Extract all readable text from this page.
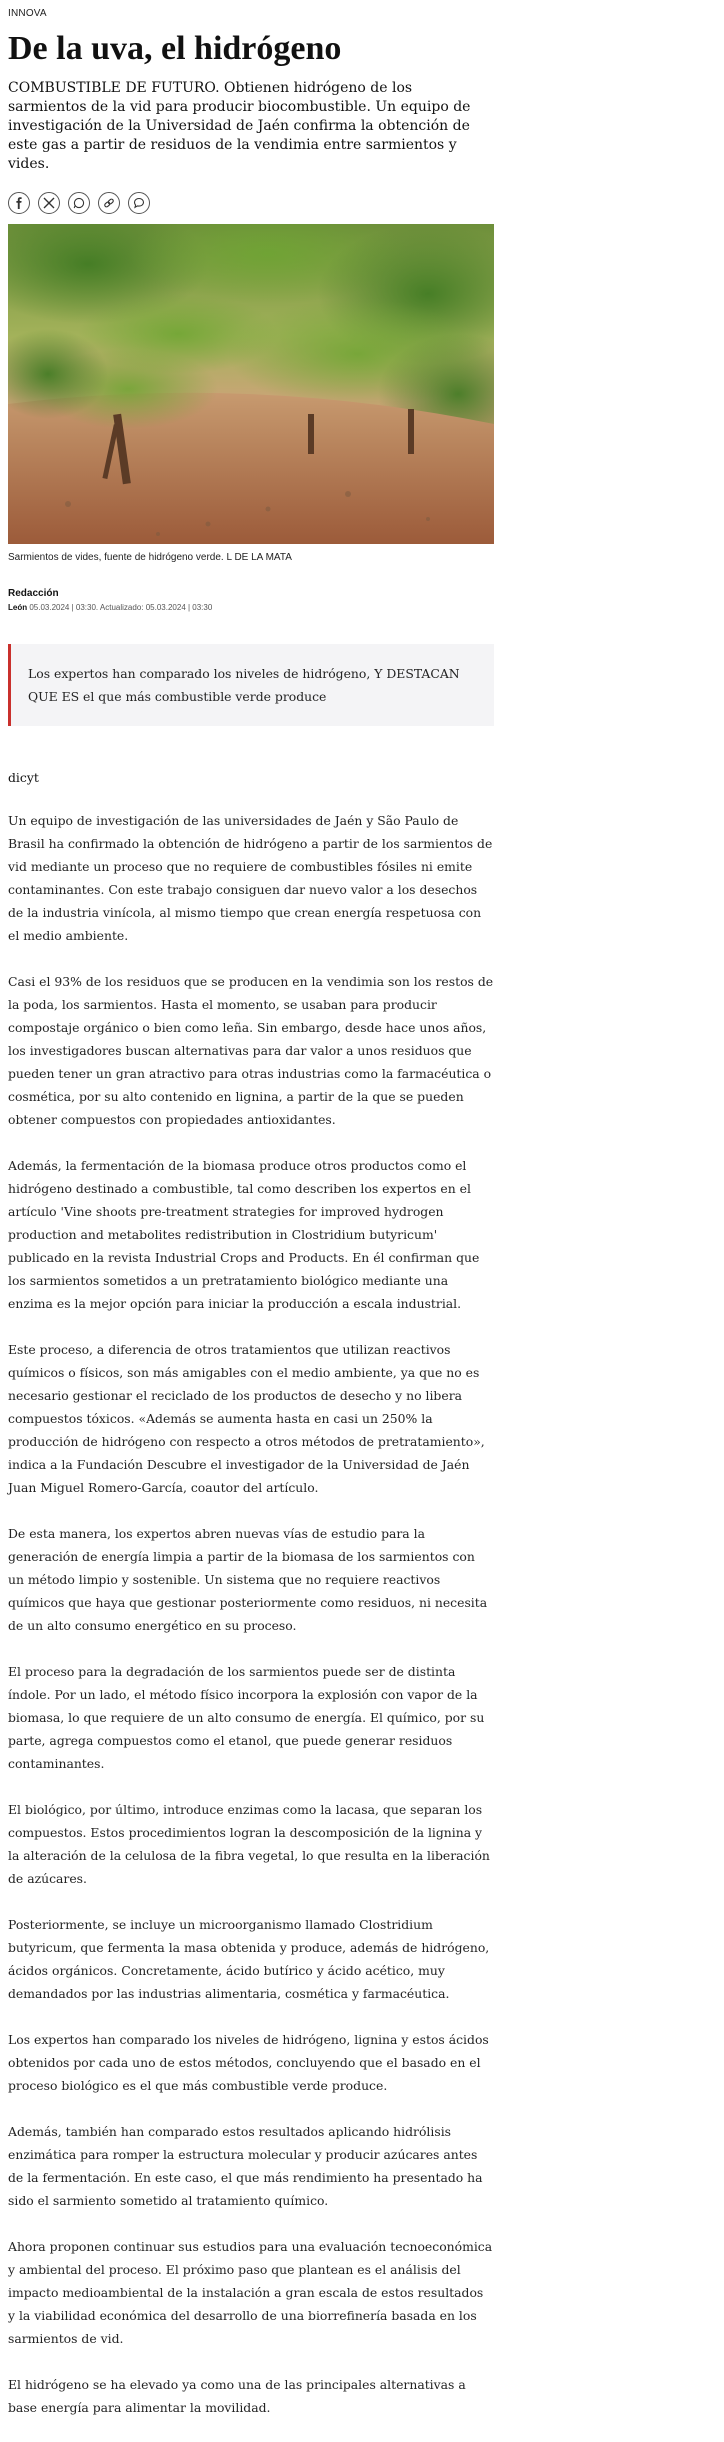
INNOVA
De la uva, el hidrógeno

COMBUSTIBLE DE FUTURO. Obtienen hidrógeno de los sarmientos de la vid para producir biocombustible. Un equipo de investigación de la Universidad de Jaén confirma la obtención de este gas a partir de residuos de la vendimia entre sarmientos y vides.

Sarmientos de vides, fuente de hidrógeno verde. L DE LA MATA
Redacción
León 05.03.2024 | 03:30. Actualizado: 05.03.2024 | 03:30

Los expertos han comparado los niveles de hidrógeno, Y DESTACAN QUE ES el que más combustible verde produce

dicyt

Un equipo de investigación de las universidades de Jaén y São Paulo de Brasil ha confirmado la obtención de hidrógeno a partir de los sarmientos de vid mediante un proceso que no requiere de combustibles fósiles ni emite contaminantes. Con este trabajo consiguen dar nuevo valor a los desechos de la industria vinícola, al mismo tiempo que crean energía respetuosa con el medio ambiente.

Casi el 93% de los residuos que se producen en la vendimia son los restos de la poda, los sarmientos. Hasta el momento, se usaban para producir compostaje orgánico o bien como leña. Sin embargo, desde hace unos años, los investigadores buscan alternativas para dar valor a unos residuos que pueden tener un gran atractivo para otras industrias como la farmacéutica o cosmética, por su alto contenido en lignina, a partir de la que se pueden obtener compuestos con propiedades antioxidantes.

Además, la fermentación de la biomasa produce otros productos como el hidrógeno destinado a combustible, tal como describen los expertos en el artículo 'Vine shoots pre-treatment strategies for improved hydrogen production and metabolites redistribution in Clostridium butyricum' publicado en la revista Industrial Crops and Products. En él confirman que los sarmientos sometidos a un pretratamiento biológico mediante una enzima es la mejor opción para iniciar la producción a escala industrial.

Este proceso, a diferencia de otros tratamientos que utilizan reactivos químicos o físicos, son más amigables con el medio ambiente, ya que no es necesario gestionar el reciclado de los productos de desecho y no libera compuestos tóxicos. «Además se aumenta hasta en casi un 250% la producción de hidrógeno con respecto a otros métodos de pretratamiento», indica a la Fundación Descubre el investigador de la Universidad de Jaén Juan Miguel Romero-García, coautor del artículo.

De esta manera, los expertos abren nuevas vías de estudio para la generación de energía limpia a partir de la biomasa de los sarmientos con un método limpio y sostenible. Un sistema que no requiere reactivos químicos que haya que gestionar posteriormente como residuos, ni necesita de un alto consumo energético en su proceso.

El proceso para la degradación de los sarmientos puede ser de distinta índole. Por un lado, el método físico incorpora la explosión con vapor de la biomasa, lo que requiere de un alto consumo de energía. El químico, por su parte, agrega compuestos como el etanol, que puede generar residuos contaminantes.

El biológico, por último, introduce enzimas como la lacasa, que separan los compuestos. Estos procedimientos logran la descomposición de la lignina y la alteración de la celulosa de la fibra vegetal, lo que resulta en la liberación de azúcares.

Posteriormente, se incluye un microorganismo llamado Clostridium butyricum, que fermenta la masa obtenida y produce, además de hidrógeno, ácidos orgánicos. Concretamente, ácido butírico y ácido acético, muy demandados por las industrias alimentaria, cosmética y farmacéutica.

Los expertos han comparado los niveles de hidrógeno, lignina y estos ácidos obtenidos por cada uno de estos métodos, concluyendo que el basado en el proceso biológico es el que más combustible verde produce.

Además, también han comparado estos resultados aplicando hidrólisis enzimática para romper la estructura molecular y producir azúcares antes de la fermentación. En este caso, el que más rendimiento ha presentado ha sido el sarmiento sometido al tratamiento químico.

Ahora proponen continuar sus estudios para una evaluación tecnoeconómica y ambiental del proceso. El próximo paso que plantean es el análisis del impacto medioambiental de la instalación a gran escala de estos resultados y la viabilidad económica del desarrollo de una biorrefinería basada en los sarmientos de vid.

El hidrógeno se ha elevado ya como una de las principales alternativas a base energía para alimentar la movilidad.
